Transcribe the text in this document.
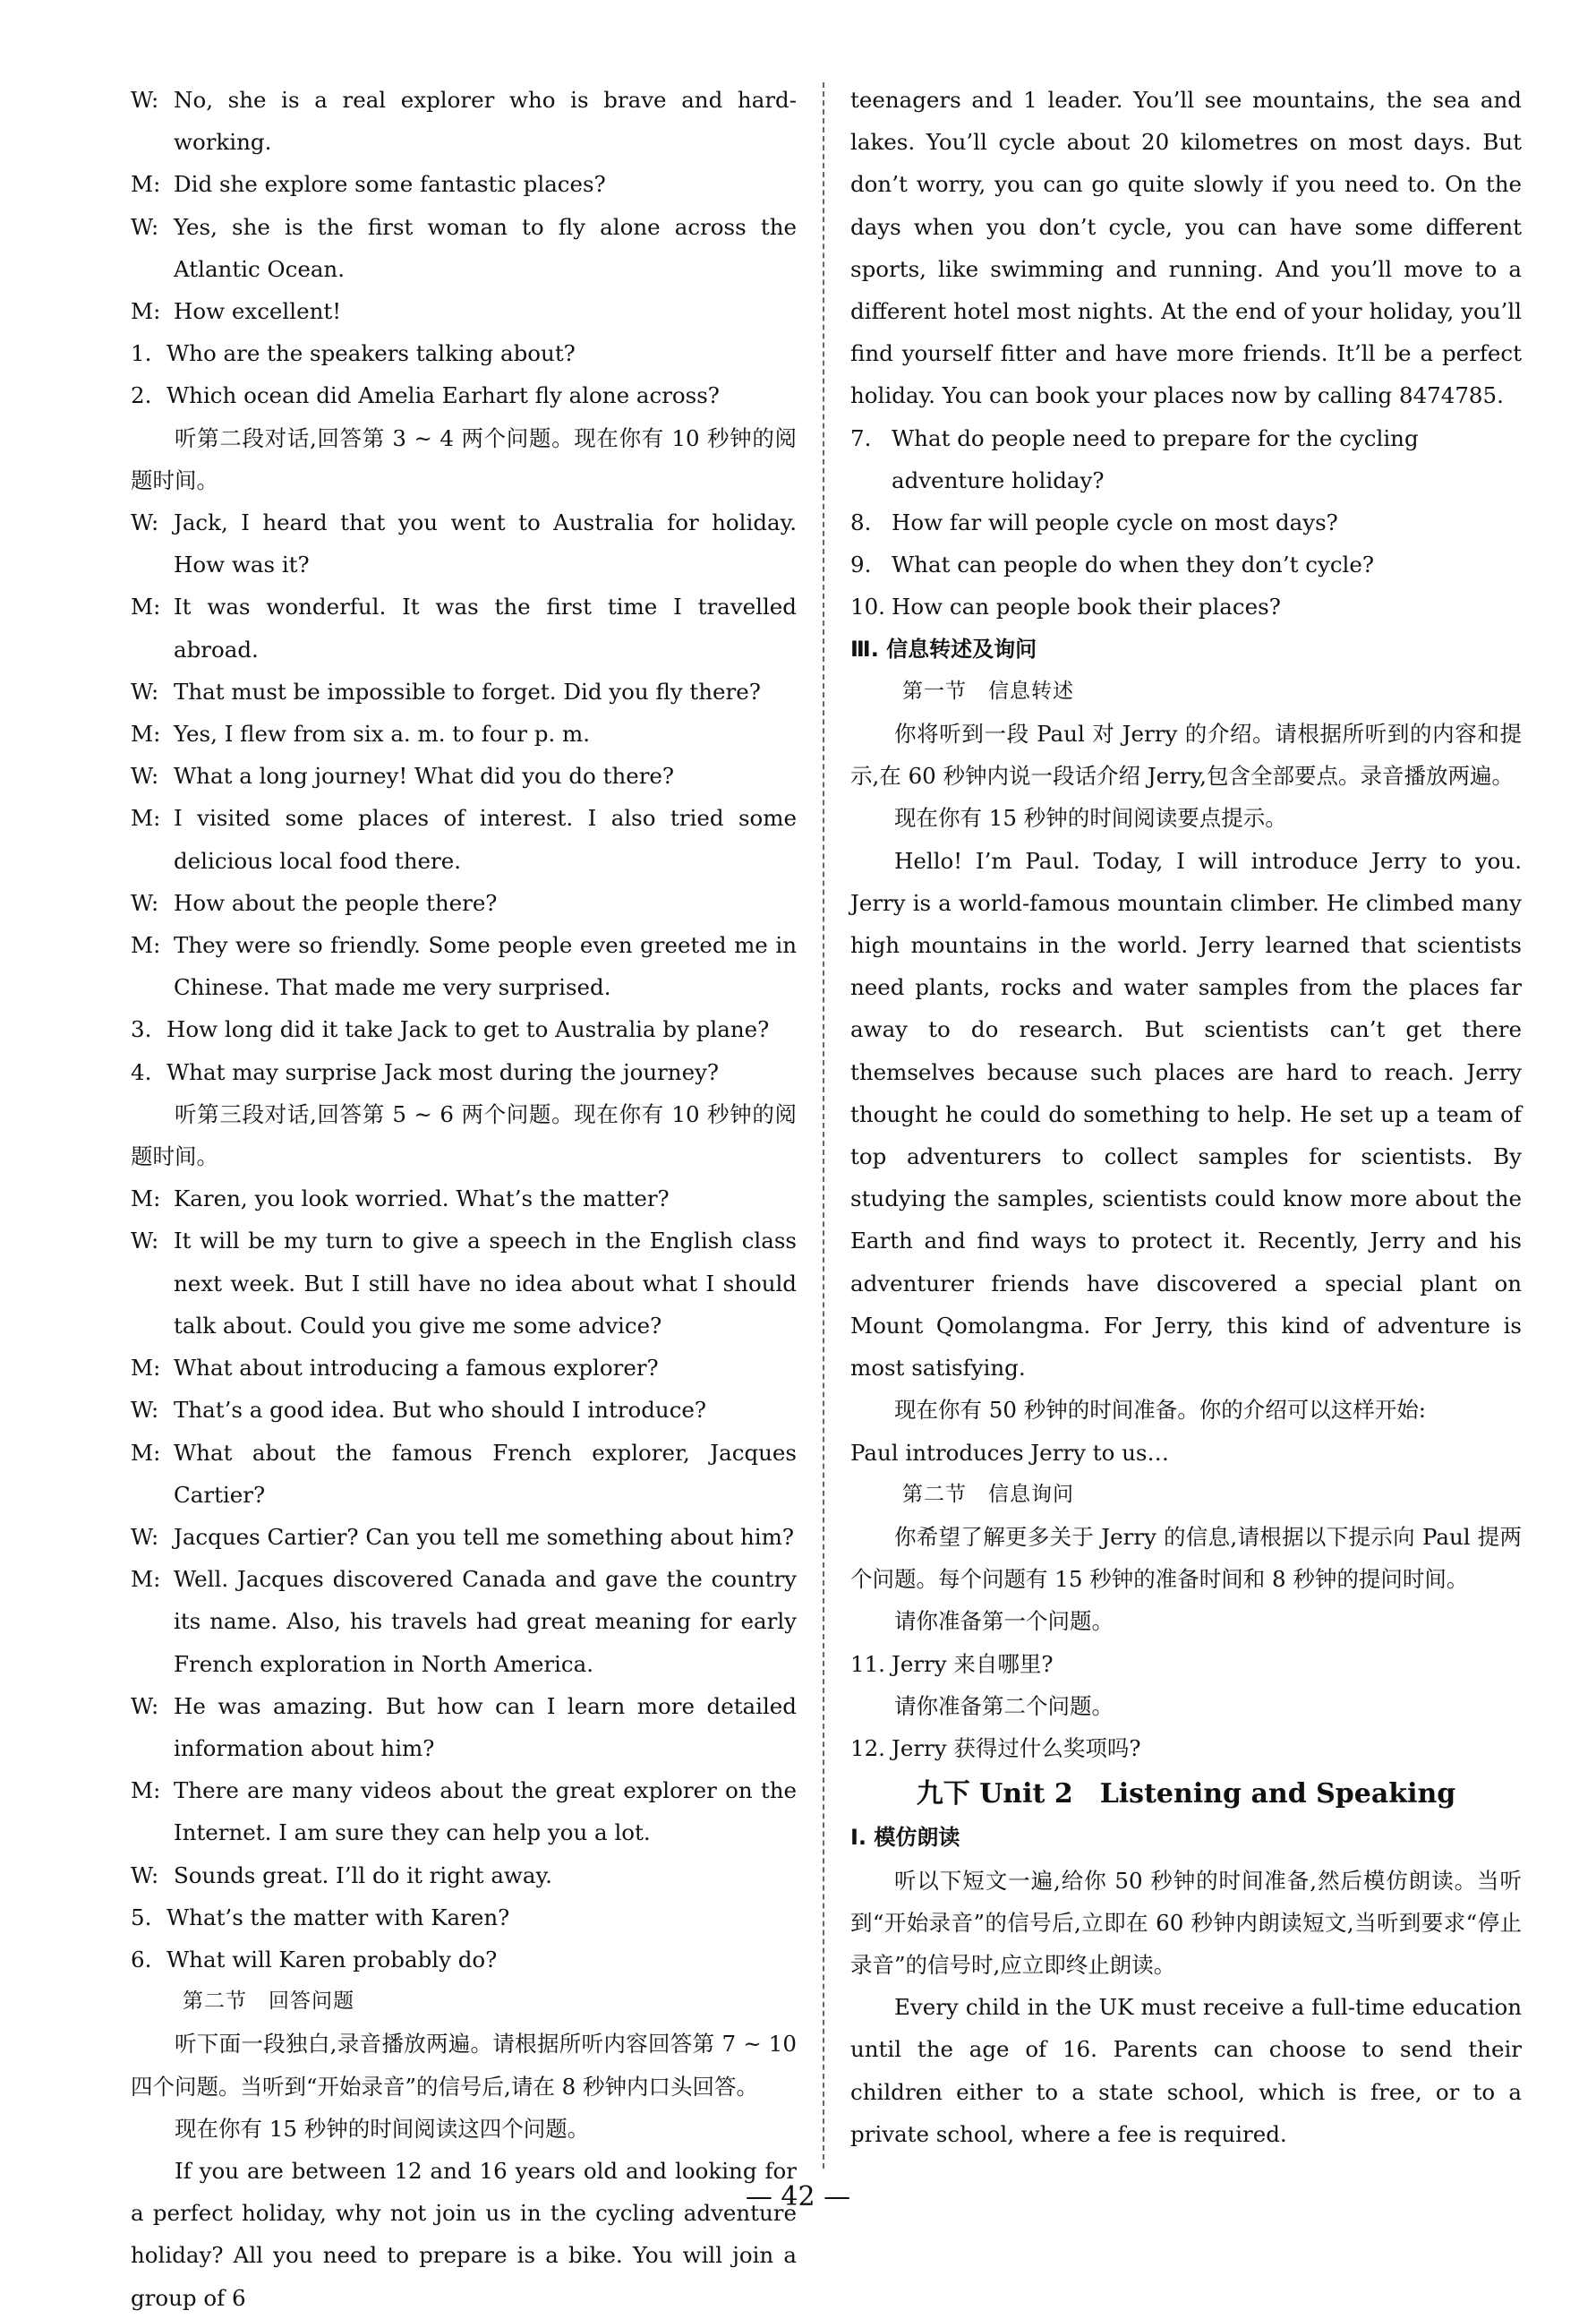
W: No, she is a real explorer who is brave and hard-working.
M: Did she explore some fantastic places?
W: Yes, she is the first woman to fly alone across the Atlantic Ocean.
M: How excellent!
1. Who are the speakers talking about?
2. Which ocean did Amelia Earhart fly alone across?
听第二段对话,回答第 3 ~ 4 两个问题。现在你有 10 秒钟的阅题时间。
W: Jack, I heard that you went to Australia for holiday. How was it?
M: It was wonderful. It was the first time I travelled abroad.
W: That must be impossible to forget. Did you fly there?
M: Yes, I flew from six a. m. to four p. m.
W: What a long journey! What did you do there?
M: I visited some places of interest. I also tried some delicious local food there.
W: How about the people there?
M: They were so friendly. Some people even greeted me in Chinese. That made me very surprised.
3. How long did it take Jack to get to Australia by plane?
4. What may surprise Jack most during the journey?
听第三段对话,回答第 5 ~ 6 两个问题。现在你有 10 秒钟的阅题时间。
M: Karen, you look worried. What’s the matter?
W: It will be my turn to give a speech in the English class next week. But I still have no idea about what I should talk about. Could you give me some advice?
M: What about introducing a famous explorer?
W: That’s a good idea. But who should I introduce?
M: What about the famous French explorer, Jacques Cartier?
W: Jacques Cartier? Can you tell me something about him?
M: Well. Jacques discovered Canada and gave the country its name. Also, his travels had great meaning for early French exploration in North America.
W: He was amazing. But how can I learn more detailed information about him?
M: There are many videos about the great explorer on the Internet. I am sure they can help you a lot.
W: Sounds great. I’ll do it right away.
5. What’s the matter with Karen?
6. What will Karen probably do?
第二节　回答问题
听下面一段独白,录音播放两遍。请根据所听内容回答第 7 ~ 10 四个问题。当听到“开始录音”的信号后,请在 8 秒钟内口头回答。
现在你有 15 秒钟的时间阅读这四个问题。
If you are between 12 and 16 years old and looking for a perfect holiday, why not join us in the cycling adventure holiday? All you need to prepare is a bike. You will join a group of 6
teenagers and 1 leader. You’ll see mountains, the sea and lakes. You’ll cycle about 20 kilometres on most days. But don’t worry, you can go quite slowly if you need to. On the days when you don’t cycle, you can have some different sports, like swimming and running. And you’ll move to a different hotel most nights. At the end of your holiday, you’ll find yourself fitter and have more friends. It’ll be a perfect holiday. You can book your places now by calling 8474785.
7. What do people need to prepare for the cycling adventure holiday?
8. How far will people cycle on most days?
9. What can people do when they don’t cycle?
10. How can people book their places?
Ⅲ. 信息转述及询问
第一节　信息转述
你将听到一段 Paul 对 Jerry 的介绍。请根据所听到的内容和提示,在 60 秒钟内说一段话介绍 Jerry,包含全部要点。录音播放两遍。
现在你有 15 秒钟的时间阅读要点提示。
Hello! I’m Paul. Today, I will introduce Jerry to you. Jerry is a world-famous mountain climber. He climbed many high mountains in the world. Jerry learned that scientists need plants, rocks and water samples from the places far away to do research. But scientists can’t get there themselves because such places are hard to reach. Jerry thought he could do something to help. He set up a team of top adventurers to collect samples for scientists. By studying the samples, scientists could know more about the Earth and find ways to protect it. Recently, Jerry and his adventurer friends have discovered a special plant on Mount Qomolangma. For Jerry, this kind of adventure is most satisfying.
现在你有 50 秒钟的时间准备。你的介绍可以这样开始:
Paul introduces Jerry to us…
第二节　信息询问
你希望了解更多关于 Jerry 的信息,请根据以下提示向 Paul 提两个问题。每个问题有 15 秒钟的准备时间和 8 秒钟的提问时间。
请你准备第一个问题。
11. Jerry 来自哪里?
请你准备第二个问题。
12. Jerry 获得过什么奖项吗?
九下 Unit 2　Listening and Speaking
Ⅰ. 模仿朗读
听以下短文一遍,给你 50 秒钟的时间准备,然后模仿朗读。当听到“开始录音”的信号后,立即在 60 秒钟内朗读短文,当听到要求“停止录音”的信号时,应立即终止朗读。
Every child in the UK must receive a full-time education until the age of 16. Parents can choose to send their children either to a state school, which is free, or to a private school, where a fee is required.
— 42 —
